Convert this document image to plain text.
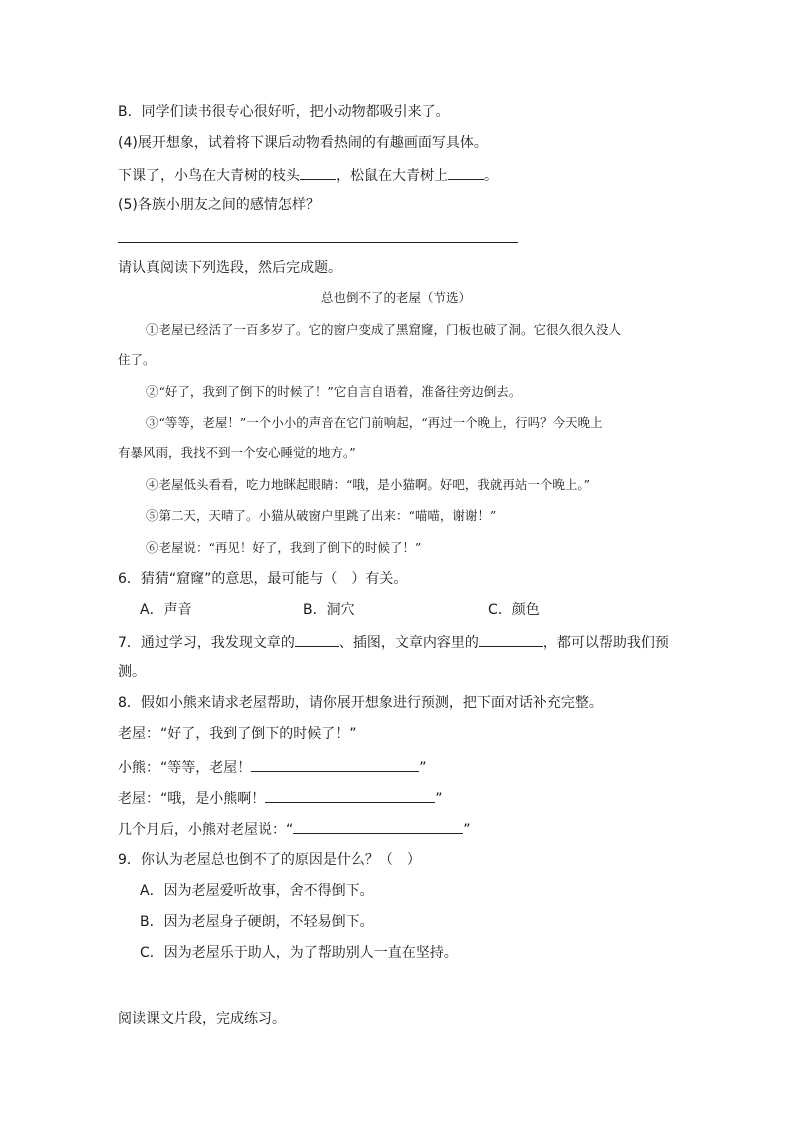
B．同学们读书很专心很好听，把小动物都吸引来了。
(4)展开想象，试着将下课后动物看热闹的有趣画面写具体。
下课了，小鸟在大青树的枝头	，松鼠在大青树上	。
(5)各族小朋友之间的感情怎样？
请认真阅读下列选段，然后完成题。
总也倒不了的老屋（节选）
①老屋已经活了一百多岁了。它的窗户变成了黑窟窿，门板也破了洞。它很久很久没人
住了。
②“好了，我到了倒下的时候了！”它自言自语着，准备往旁边倒去。
③“等等，老屋！”一个小小的声音在它门前响起，“再过一个晚上，行吗？今天晚上
有暴风雨，我找不到一个安心睡觉的地方。”
④老屋低头看看，吃力地眯起眼睛：“哦，是小猫啊。好吧，我就再站一个晚上。”
⑤第二天，天晴了。小猫从破窗户里跳了出来：“喵喵，谢谢！”
⑥老屋说：“再见！好了，我到了倒下的时候了！”
6．猜猜“窟窿”的意思，最可能与（　）有关。
A．声音	B．洞穴	C．颜色
7．通过学习，我发现文章的	、插图，文章内容里的	，都可以帮助我们预
测。
8．假如小熊来请求老屋帮助，请你展开想象进行预测，把下面对话补充完整。
老屋：“好了，我到了倒下的时候了！”
小熊：“等等，老屋！	”
老屋：“哦，是小熊啊！	”
几个月后，小熊对老屋说：“	”
9．你认为老屋总也倒不了的原因是什么？（　）
A．因为老屋爱听故事，舍不得倒下。
B．因为老屋身子硬朗，不轻易倒下。
C．因为老屋乐于助人，为了帮助别人一直在坚持。
阅读课文片段，完成练习。
